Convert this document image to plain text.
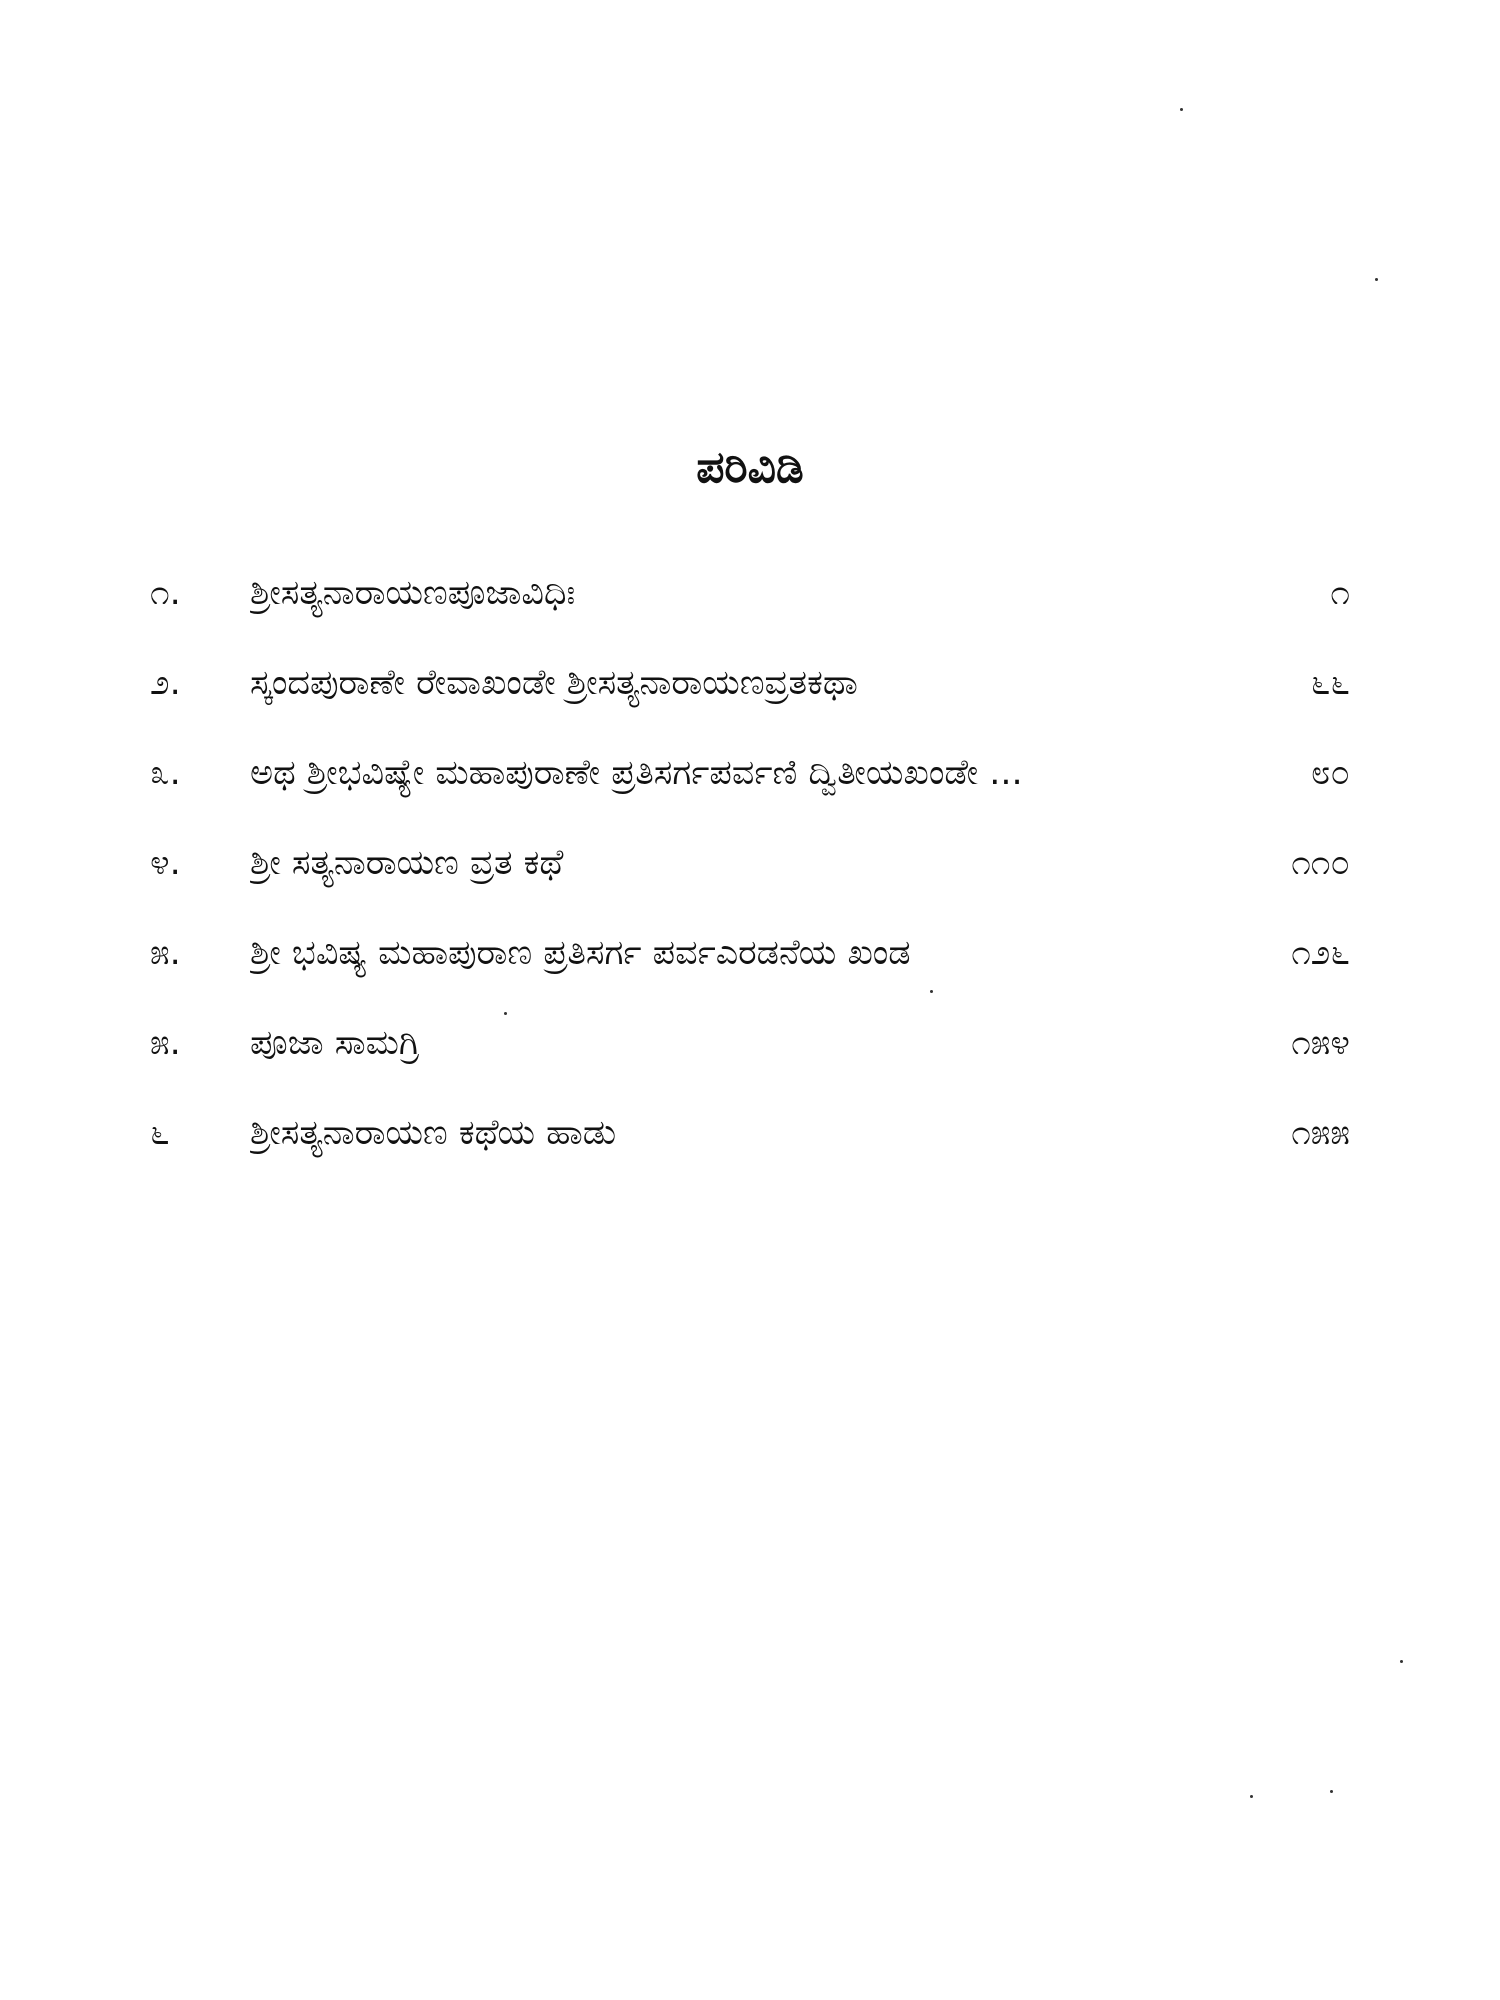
ಪರಿವಿಡಿ
೧.	ಶ್ರೀಸತ್ಯನಾರಾಯಣಪೂಜಾವಿಧಿಃ	೧
೨.	ಸ್ಕಂದಪುರಾಣೇ ರೇವಾಖಂಡೇ ಶ್ರೀಸತ್ಯನಾರಾಯಣವ್ರತಕಥಾ	೬೬
೩.	ಅಥ ಶ್ರೀಭವಿಷ್ಯೇ ಮಹಾಪುರಾಣೇ ಪ್ರತಿಸರ್ಗಪರ್ವಣಿ ದ್ವಿತೀಯಖಂಡೇ ...	೮೦
೪.	ಶ್ರೀ ಸತ್ಯನಾರಾಯಣ ವ್ರತ ಕಥೆ	೧೧೦
೫.	ಶ್ರೀ ಭವಿಷ್ಯ ಮಹಾಪುರಾಣ ಪ್ರತಿಸರ್ಗ ಪರ್ವಎರಡನೆಯ ಖಂಡ	೧೨೬
೫.	ಪೂಜಾ ಸಾಮಗ್ರಿ	೧೫೪
೬	ಶ್ರೀಸತ್ಯನಾರಾಯಣ ಕಥೆಯ ಹಾಡು	೧೫೫
